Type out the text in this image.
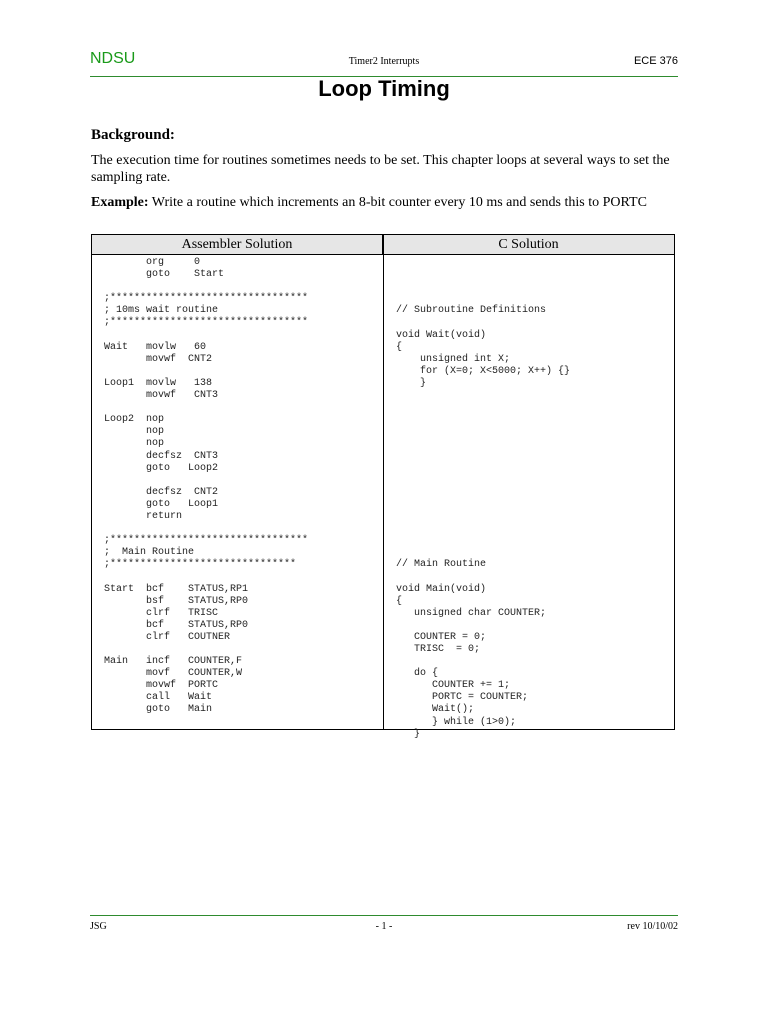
NDSU	Timer2 Interrupts	ECE 376
Loop Timing
Background:
The execution time for routines sometimes needs to be set. This chapter loops at several ways to set the sampling rate.
Example: Write a routine which increments an 8-bit counter every 10 ms and sends this to PORTC
Assembler Solution	C Solution
org     0
goto    Start

;*********************************
; 10ms wait routine
;*********************************

Wait   movlw   60
movwf  CNT2

Loop1  movlw   138
movwf   CNT3

Loop2  nop
nop
nop
decfsz  CNT3
goto   Loop2

decfsz  CNT2
goto   Loop1
return

;*********************************
;  Main Routine
;*******************************

Start  bcf    STATUS,RP1
bsf    STATUS,RP0
clrf   TRISC
bcf    STATUS,RP0
clrf   COUTNER

Main   incf   COUNTER,F
movf   COUNTER,W
movwf  PORTC
call   Wait
goto   Main

// Subroutine Definitions

void Wait(void)
{
unsigned int X;
for (X=0; X<5000; X++) {}
}

// Main Routine

void Main(void)
{
unsigned char COUNTER;

COUNTER = 0;
TRISC  = 0;

do {
COUNTER += 1;
PORTC = COUNTER;
Wait();
} while (1>0);
}
JSG	- 1 -	rev 10/10/02
